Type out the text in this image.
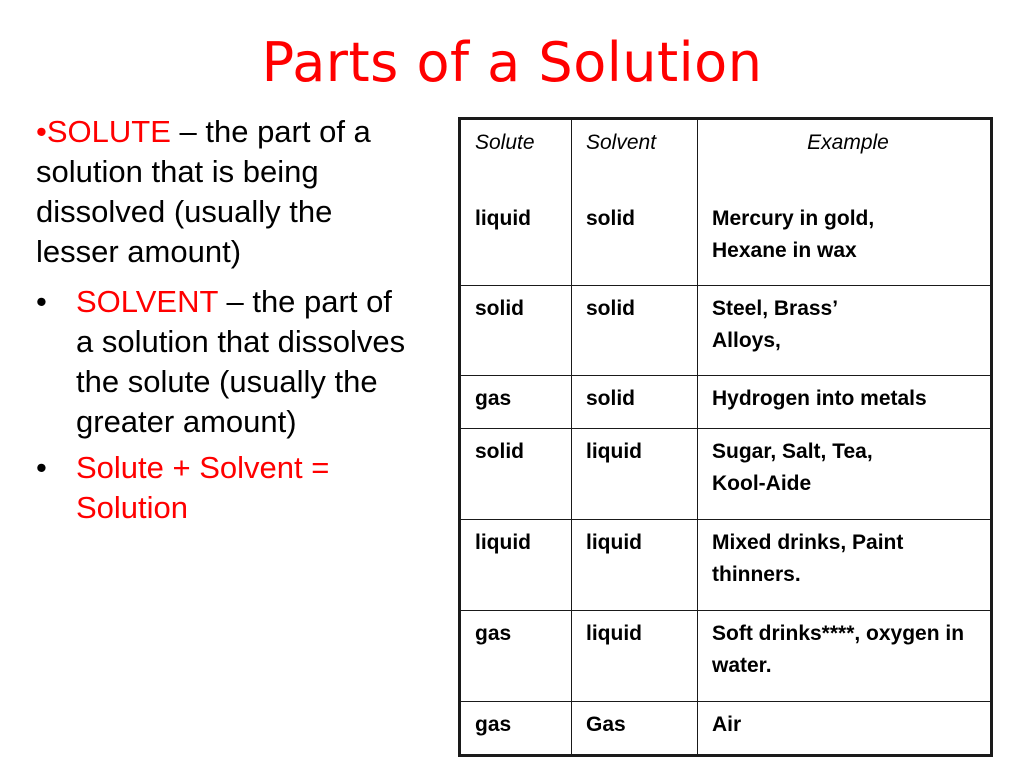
Parts of a Solution
•SOLUTE – the part of a solution that is being dissolved (usually the lesser amount)
• SOLVENT – the part of a solution that dissolves the solute (usually the greater amount)
• Solute + Solvent = Solution
Solute	Solvent	Example
liquid	solid	Mercury in gold,
Hexane in wax

solid	solid	Steel, Brass’
Alloys,

gas	solid	Hydrogen into metals

solid	liquid	Sugar, Salt, Tea,
Kool-Aide

liquid	liquid	Mixed drinks, Paint thinners.

gas	liquid	Soft drinks****, oxygen in water.

gas	Gas	Air
